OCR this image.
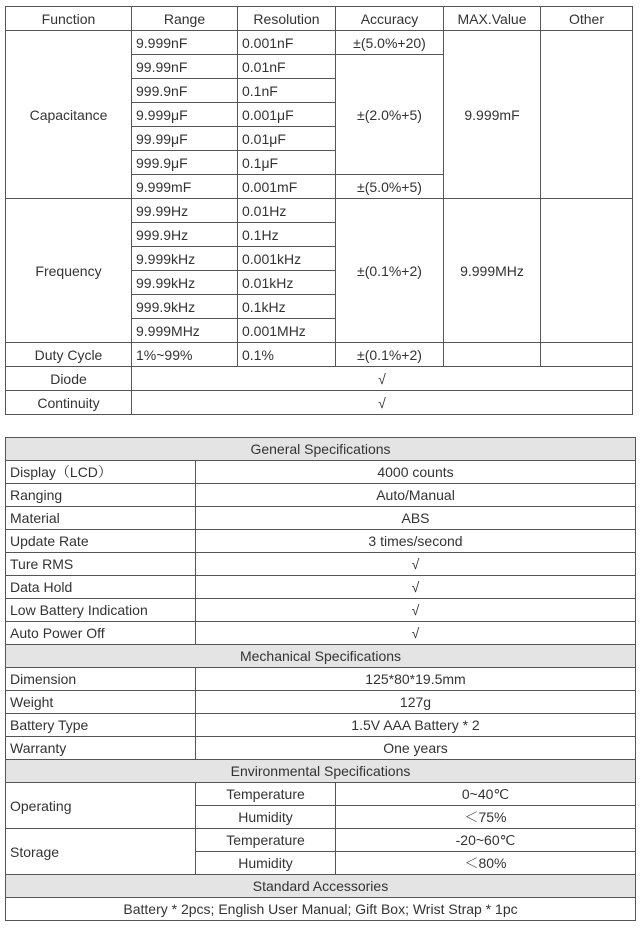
Function	Range	Resolution	Accuracy	MAX.Value	Other
Capacitance	9.999nF	0.001nF	±(5.0%+20)	9.999mF	
	99.99nF	0.01nF	±(2.0%+5)		
	999.9nF	0.1nF			
	9.999μF	0.001μF			
	99.99μF	0.01μF			
	999.9μF	0.1μF			
	9.999mF	0.001mF	±(5.0%+5)		
Frequency	99.99Hz	0.01Hz	±(0.1%+2)	9.999MHz	
	999.9Hz	0.1Hz			
	9.999kHz	0.001kHz			
	99.99kHz	0.01kHz			
	999.9kHz	0.1kHz			
	9.999MHz	0.001MHz			
Duty Cycle	1%~99%	0.1%	±(0.1%+2)		
Diode	√				
Continuity	√				
General Specifications		
Display（LCD）	4000 counts	
Ranging	Auto/Manual	
Material	ABS	
Update Rate	3 times/second	
Ture RMS	√	
Data Hold	√	
Low Battery Indication	√	
Auto Power Off	√	
Mechanical Specifications		
Dimension	125*80*19.5mm	
Weight	127g	
Battery Type	1.5V AAA Battery * 2	
Warranty	One years	
Environmental Specifications		
Operating	Temperature	0~40℃
	Humidity	＜75%
Storage	Temperature	-20~60℃
	Humidity	＜80%
Standard Accessories		
Battery * 2pcs; English User Manual; Gift Box; Wrist Strap * 1pc		
